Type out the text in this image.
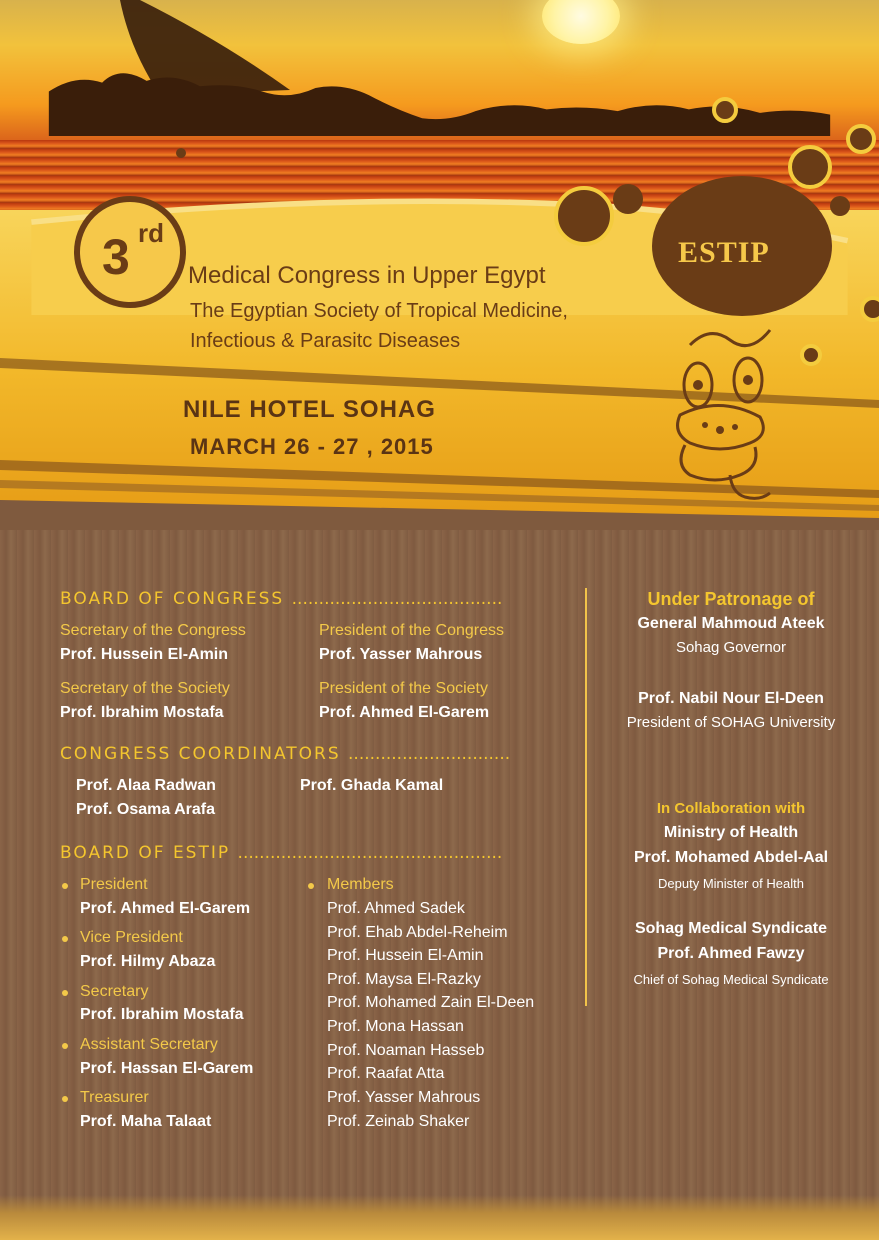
ESTIP
3 rd
Medical Congress in Upper Egypt
The Egyptian Society of Tropical Medicine,
Infectious & Parasitc Diseases
NILE HOTEL SOHAG
MARCH 26 - 27 , 2015
BOARD OF CONGRESS .......................................
Secretary of the Congress
Prof. Hussein El-Amin
President of the Congress
Prof. Yasser Mahrous
Secretary of the Society
Prof. Ibrahim Mostafa
President of the Society
Prof. Ahmed El-Garem
CONGRESS COORDINATORS ..............................
Prof. Alaa Radwan	Prof. Ghada Kamal
Prof. Osama Arafa
BOARD OF ESTIP .................................................
President
Prof. Ahmed El-Garem
Vice President
Prof. Hilmy Abaza
Secretary
Prof. Ibrahim Mostafa
Assistant Secretary
Prof. Hassan El-Garem
Treasurer
Prof. Maha Talaat
Members
Prof. Ahmed Sadek
Prof. Ehab Abdel-Reheim
Prof. Hussein El-Amin
Prof. Maysa El-Razky
Prof. Mohamed Zain El-Deen
Prof. Mona Hassan
Prof. Noaman Hasseb
Prof. Raafat Atta
Prof. Yasser Mahrous
Prof. Zeinab Shaker
Under Patronage of
General Mahmoud Ateek
Sohag Governor
Prof. Nabil Nour El-Deen
President of SOHAG University
In Collaboration with
Ministry of Health
Prof. Mohamed Abdel-Aal
Deputy Minister of Health
Sohag Medical Syndicate
Prof. Ahmed Fawzy
Chief of Sohag Medical Syndicate
